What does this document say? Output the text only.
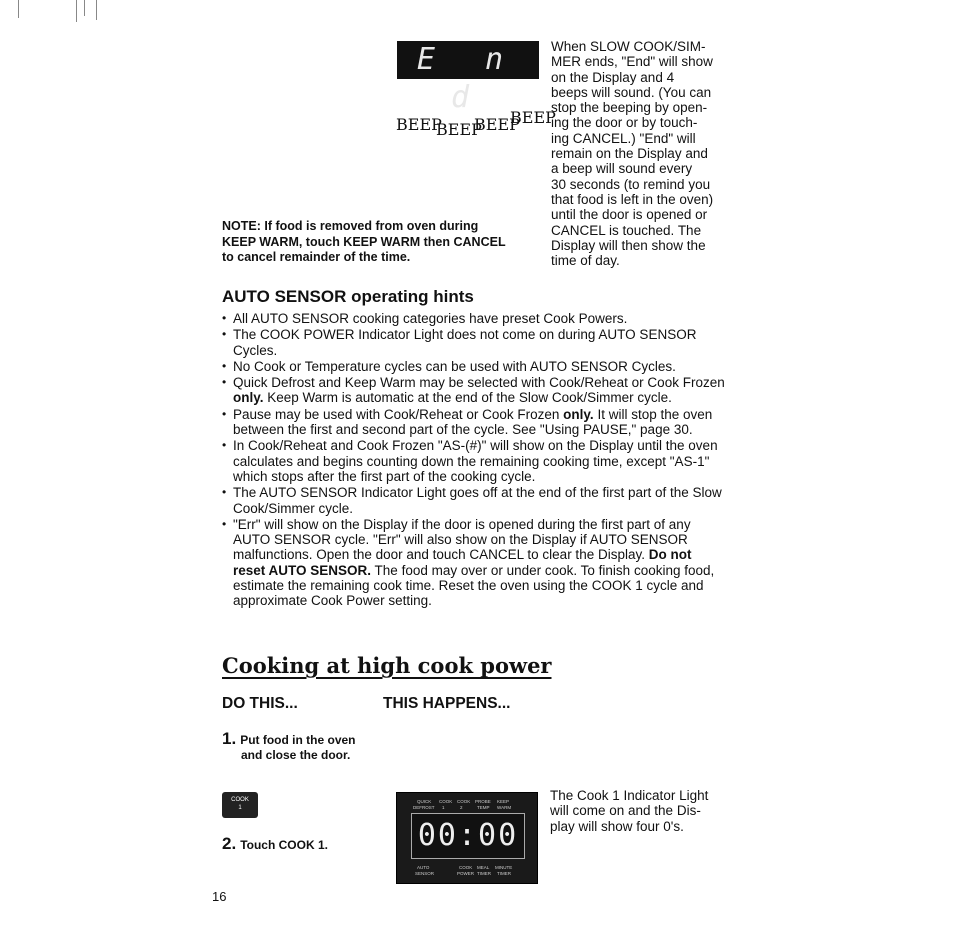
E n d
BEEP
BEEP
BEEP
BEEP

When SLOW COOK/SIM-

MER ends, "End" will show

on the Display and 4

beeps will sound. (You can

stop the beeping by open-

ing the door or by touch-

ing CANCEL.) "End" will

remain on the Display and

a beep will sound every

30 seconds (to remind you

that food is left in the oven)

until the door is opened or

CANCEL is touched. The

Display will then show the

time of day.

NOTE: If food is removed from oven during
KEEP WARM, touch KEEP WARM then CANCEL
to cancel remainder of the time.
AUTO SENSOR operating hints
• All AUTO SENSOR cooking categories have preset Cook Powers.
• The COOK POWER Indicator Light does not come on during AUTO SENSOR Cycles.
• No Cook or Temperature cycles can be used with AUTO SENSOR Cycles.
• Quick Defrost and Keep Warm may be selected with Cook/Reheat or Cook Frozen only. Keep Warm is automatic at the end of the Slow Cook/Simmer cycle.
• Pause may be used with Cook/Reheat or Cook Frozen only. It will stop the oven between the first and second part of the cycle. See "Using PAUSE," page 30.
• In Cook/Reheat and Cook Frozen "AS-(#)" will show on the Display until the oven calculates and begins counting down the remaining cooking time, except "AS-1" which stops after the first part of the cooking cycle.
• The AUTO SENSOR Indicator Light goes off at the end of the first part of the Slow Cook/Simmer cycle.
• "Err" will show on the Display if the door is opened during the first part of any AUTO SENSOR cycle. "Err" will also show on the Display if AUTO SENSOR malfunctions. Open the door and touch CANCEL to clear the Display. Do not reset AUTO SENSOR. The food may over or under cook. To finish cooking food, estimate the remaining cook time. Reset the oven using the COOK 1 cycle and approximate Cook Power setting.
Cooking at high cook power
DO THIS...	THIS HAPPENS...
1. Put food in the oven
and close the door.
COOK
1
2. Touch COOK 1.
QUICK COOK COOK PROBE KEEP
DEFROST 1	2	TEMP WARM
00:00
AUTO	COOK MEAL MINUTE
SENSOR	POWER TIMER TIMER

The Cook 1 Indicator Light

will come on and the Dis-

play will show four 0's.

16
